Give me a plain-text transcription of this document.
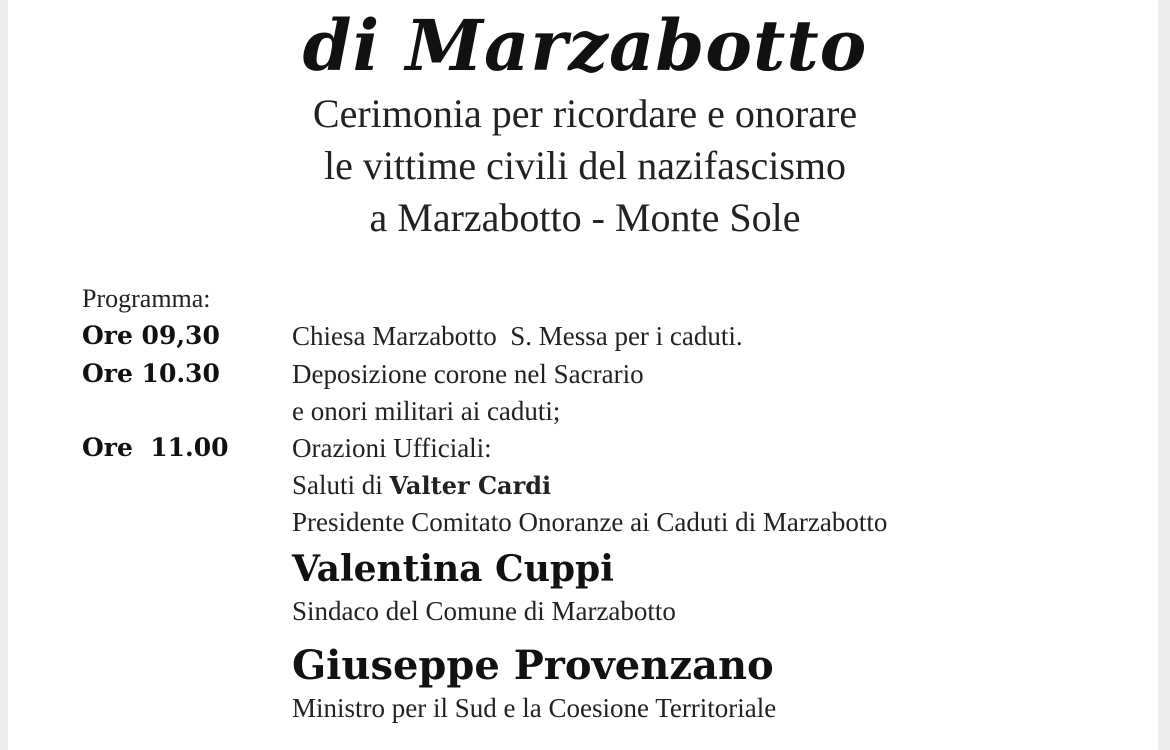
di Marzabotto
Cerimonia per ricordare e onorare
le vittime civili del nazifascismo
a Marzabotto - Monte Sole
Programma:
Ore 09,30	Chiesa Marzabotto  S. Messa per i caduti.
Ore 10.30	Deposizione corone nel Sacrario
e onori militari ai caduti;
Ore  11.00 Orazioni Ufficiali:
Saluti di Valter Cardi
Presidente Comitato Onoranze ai Caduti di Marzabotto
Valentina Cuppi
Sindaco del Comune di Marzabotto
Giuseppe Provenzano
Ministro per il Sud e la Coesione Territoriale
